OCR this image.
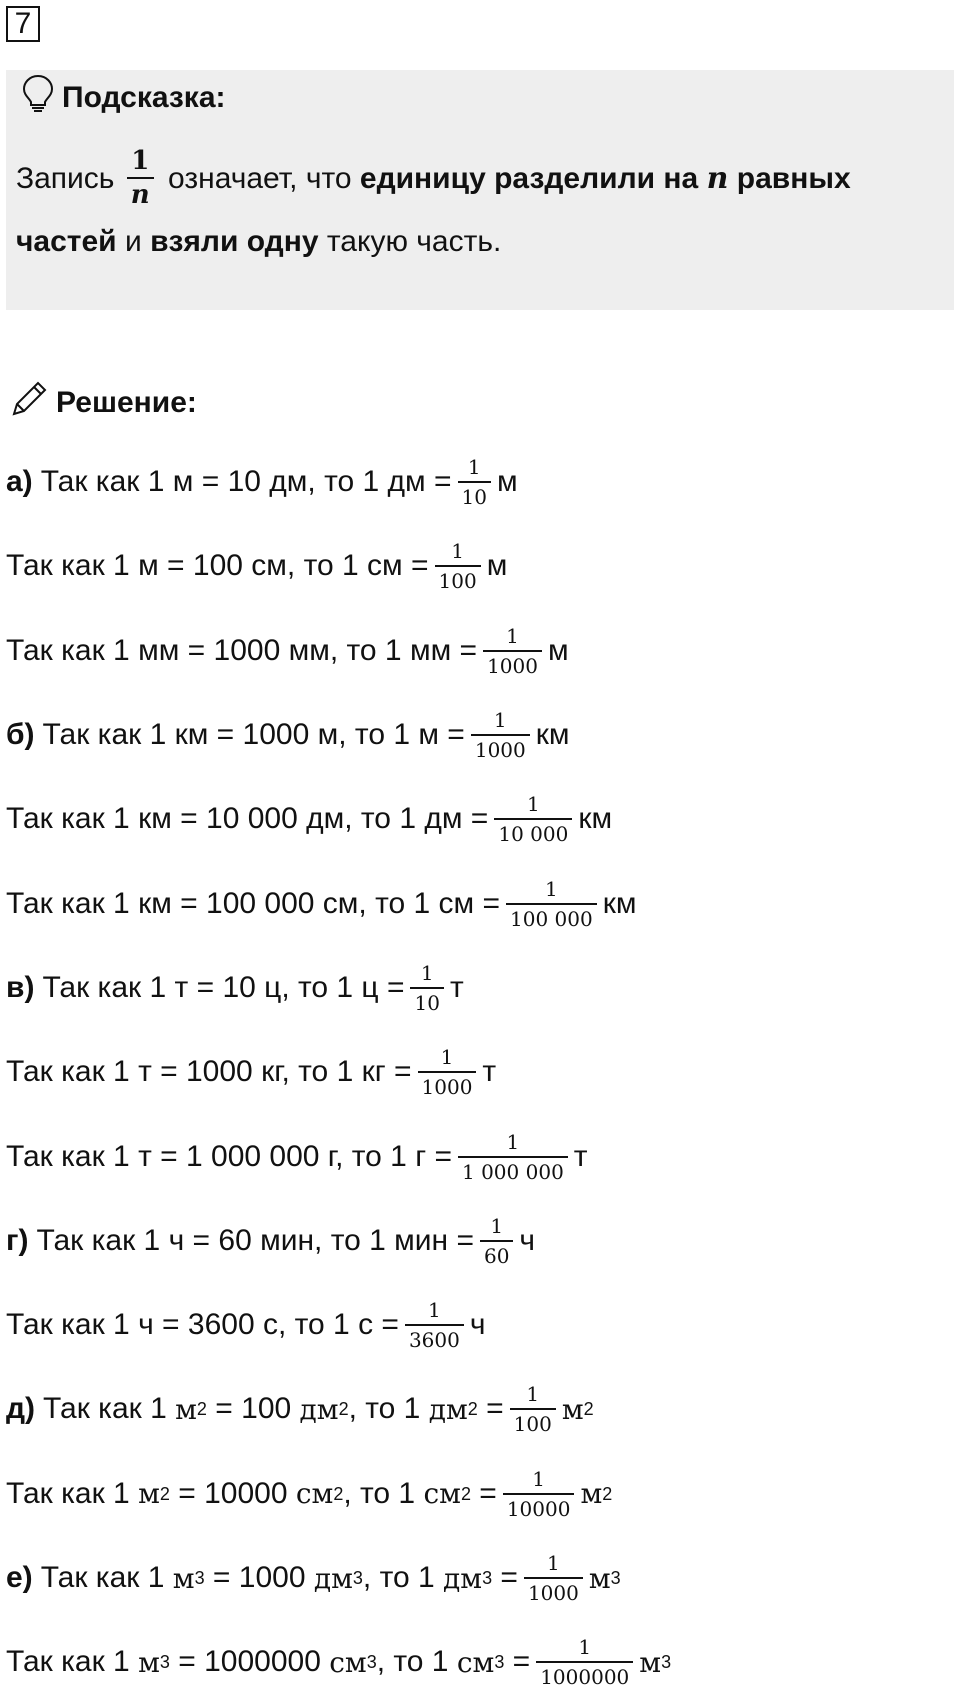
7
Подсказка:
Запись $\frac{1}{n}$ означает, что единицу разделили на n равных
частей и взяли одну такую часть.
Решение:
а) Так как 1 м = 10 дм, то 1 дм = $\frac{1}{10}$ м
Так как 1 м = 100 см, то 1 см = $\frac{1}{100}$ м
Так как 1 мм = 1000 мм, то 1 мм = $\frac{1}{1000}$ м
б) Так как 1 км = 1000 м, то 1 $м = \frac{1}{1000}$ км
Так как 1 км = 10 000 дм, то 1 дм = $\frac{1}{10 000}$ км
Так как 1 км = 100 000 см, то 1 см = $\frac{1}{100 000}$ км
в) Так как 1 т = 10 ц, то 1 $ц = \frac{1}{10}$ т
Так как 1 т = 1000 кг, то 1 кг = $\frac{1}{1000}$ т
Так как 1 т = 1 000 000 г, то 1 $г = \frac{1}{1 000 000}$ т
г) Так как 1 ч = 60 мин, то 1 мин = $\frac{1}{60}$ ч
Так как 1 ч = 3600 с, то 1 $с = \frac{1}{3600}$ ч
д) Так как 1
м 2
= 100
дм 2 , то 1
дм 2
= $\frac{1}{100}$ м 2
Так как 1
м 2
= 10000
см 2 , то 1
см 2
= $\frac{1}{10000}$ м 2
е) Так как 1
м 3
= 1000
дм 3 , то 1
дм 3
= $\frac{1}{1000}$ м 3
Так как 1
м 3
= 1000000
см 3 , то 1
см 3
= $\frac{1}{1000000}$ м 3
